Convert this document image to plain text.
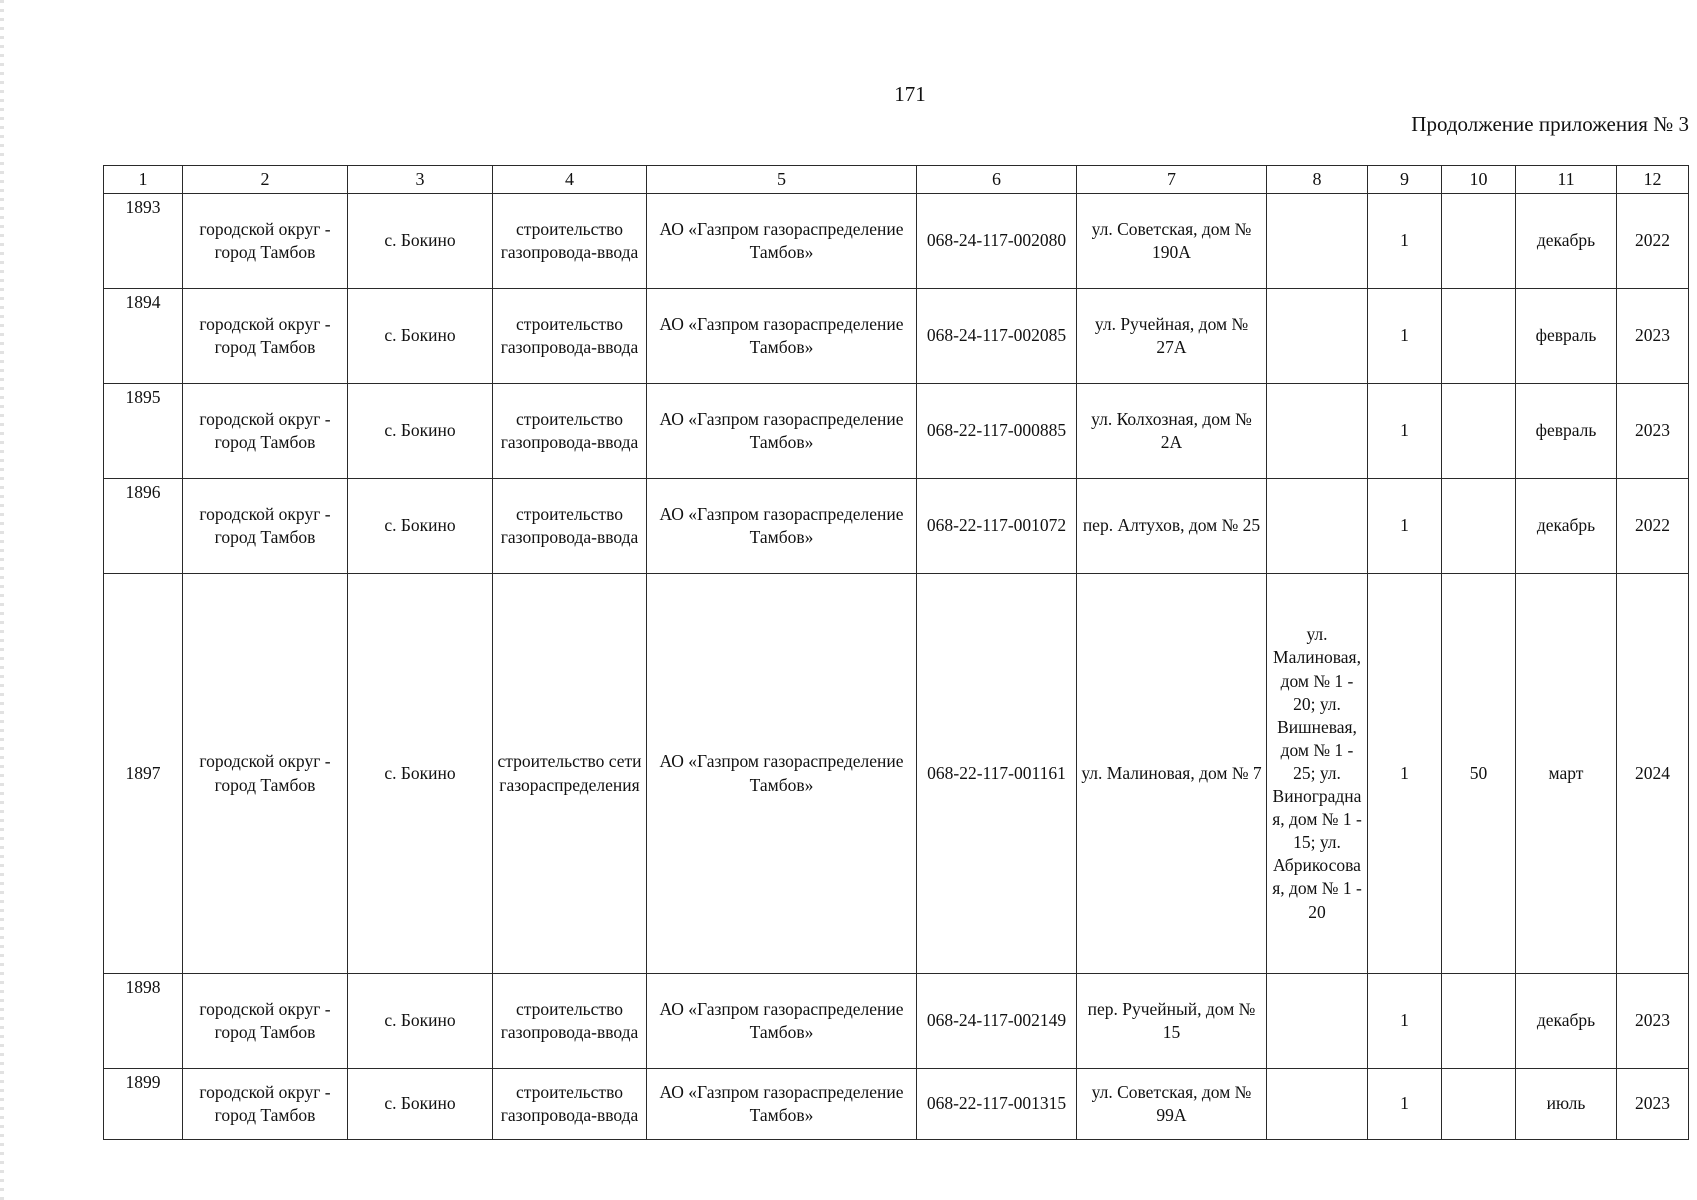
171
Продолжение приложения № 3
1	2	3	4	5	6	7	8	9	10	11	12
1893	городской округ - город Тамбов	с. Бокино	строительство газопровода-ввода	АО «Газпром газораспределение Тамбов»	068-24-117-002080	ул. Советская, дом № 190А		1		декабрь	2022
1894	городской округ - город Тамбов	с. Бокино	строительство газопровода-ввода	АО «Газпром газораспределение Тамбов»	068-24-117-002085	ул. Ручейная, дом № 27А		1		февраль	2023
1895	городской округ - город Тамбов	с. Бокино	строительство газопровода-ввода	АО «Газпром газораспределение Тамбов»	068-22-117-000885	ул. Колхозная, дом № 2А		1		февраль	2023
1896	городской округ - город Тамбов	с. Бокино	строительство газопровода-ввода	АО «Газпром газораспределение Тамбов»	068-22-117-001072	пер. Алтухов, дом № 25		1		декабрь	2022
1897	городской округ - город Тамбов	с. Бокино	строительство сети газораспределения	АО «Газпром газораспределение Тамбов»	068-22-117-001161	ул. Малиновая, дом № 7	ул. Малиновая, дом № 1 - 20; ул. Вишневая, дом № 1 - 25; ул. Виноградная, дом № 1 - 15; ул. Абрикосовая, дом № 1 - 20	1	50	март	2024
1898	городской округ - город Тамбов	с. Бокино	строительство газопровода-ввода	АО «Газпром газораспределение Тамбов»	068-24-117-002149	пер. Ручейный, дом № 15		1		декабрь	2023
1899	городской округ - город Тамбов	с. Бокино	строительство газопровода-ввода	АО «Газпром газораспределение Тамбов»	068-22-117-001315	ул. Советская, дом № 99А		1		июль	2023
